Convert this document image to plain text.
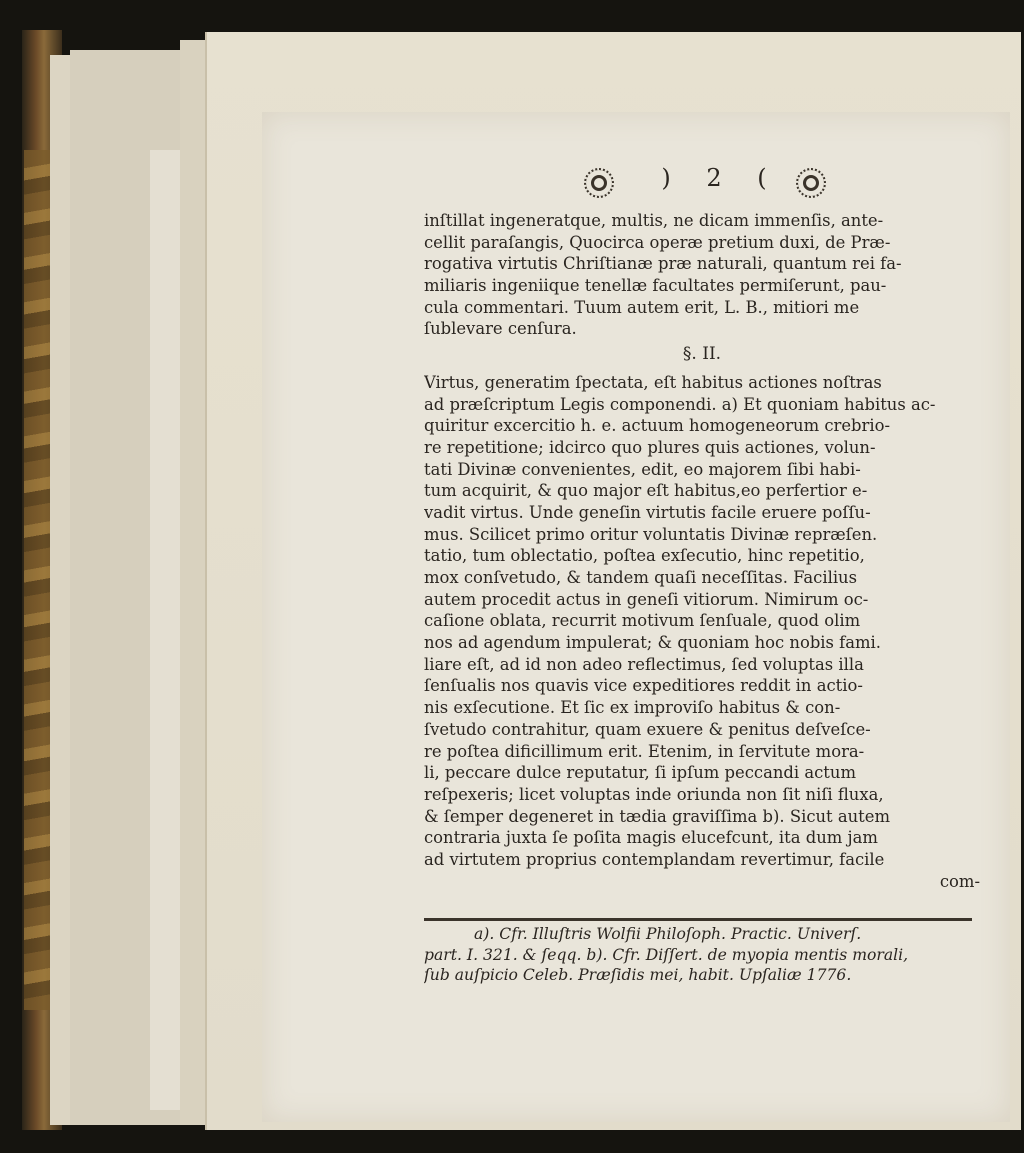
) 2 (
inſtillat ingeneratque, multis, ne dicam immenſis, ante-
cellit paraſangis, Quocirca operæ pretium duxi, de Præ-
rogativa virtutis Chriſtianæ præ naturali, quantum rei fa-
miliaris ingeniique tenellæ facultates permiſerunt, pau-
cula commentari. Tuum autem erit, L. B., mitiori me
ſublevare cenſura.
§. II.
Virtus, generatim ſpectata, eſt habitus actiones noſtras
ad præſcriptum Legis componendi. a) Et quoniam habitus ac-
quiritur excercitio h. e. actuum homogeneorum crebrio-
re repetitione; idcirco quo plures quis actiones, volun-
tati Divinæ convenientes, edit, eo majorem ſibi habi-
tum acquirit, & quo major eſt habitus,eo perfertior e-
vadit virtus. Unde geneſin virtutis facile eruere poſſu-
mus. Scilicet primo oritur voluntatis Divinæ repræſen.
tatio, tum oblectatio, poſtea exſecutio, hinc repetitio,
mox conſvetudo, & tandem quaſi neceſſitas. Facilius
autem procedit actus in geneſi vitiorum. Nimirum oc-
caſione oblata, recurrit motivum ſenſuale, quod olim
nos ad agendum impulerat; & quoniam hoc nobis fami.
liare eſt, ad id non adeo reflectimus, ſed voluptas illa
ſenſualis nos quavis vice expeditiores reddit in actio-
nis exſecutione. Et ſic ex improviſo habitus & con-
ſvetudo contrahitur, quam exuere & penitus deſveſce-
re poſtea dificillimum erit. Etenim, in ſervitute mora-
li, peccare dulce reputatur, ſi ipſum peccandi actum
reſpexeris; licet voluptas inde oriunda non ſit niſi fluxa,
& ſemper degeneret in tædia graviſſima b). Sicut autem
contraria juxta ſe poſita magis elucefcunt, ita dum jam
ad virtutem proprius contemplandam revertimur, facile
com-
a). Cfr. Illuſtris Wolfii Philoſoph. Practic. Univerſ.
part. I. 321. & ſeqq. b). Cfr. Diſſert. de myopia mentis morali,
ſub auſpicio Celeb. Præſidis mei, habit. Upſaliæ 1776.
